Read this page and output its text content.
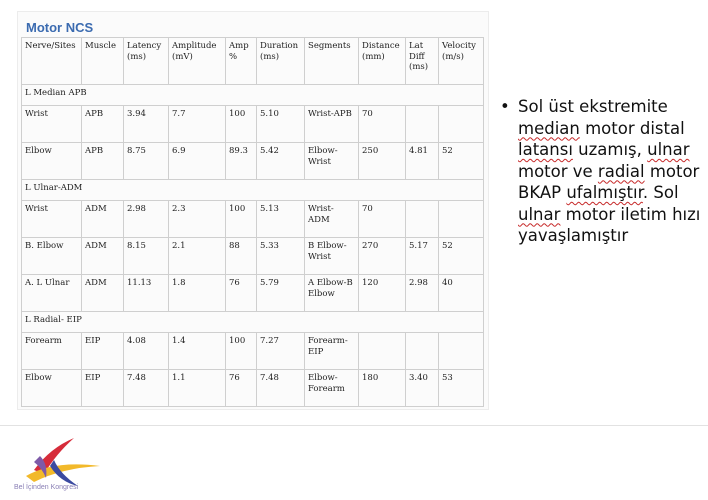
Motor NCS
Nerve/Sites	Muscle	Latency (ms)	Amplitude (mV)	Amp %	Duration (ms)	Segments	Distance (mm)	Lat Diff (ms)	Velocity (m/s)
L Median APB									
Wrist	APB	3.94	7.7	100	5.10	Wrist-APB	70		
Elbow	APB	8.75	6.9	89.3	5.42	Elbow-Wrist	250	4.81	52
L Ulnar-ADM									
Wrist	ADM	2.98	2.3	100	5.13	Wrist-ADM	70		
B. Elbow	ADM	8.15	2.1	88	5.33	B Elbow-Wrist	270	5.17	52
A. L Ulnar	ADM	11.13	1.8	76	5.79	A Elbow-B Elbow	120	2.98	40
L Radial- EIP									
Forearm	EIP	4.08	1.4	100	7.27	Forearm-EIP			
Elbow	EIP	7.48	1.1	76	7.48	Elbow-Forearm	180	3.40	53
• Sol üst ekstremite median motor distal latansı uzamış, ulnar motor ve radial motor BKAP ufalmıştır. Sol ulnar motor iletim hızı yavaşlamıştır
Bel İçinden Kongresi
